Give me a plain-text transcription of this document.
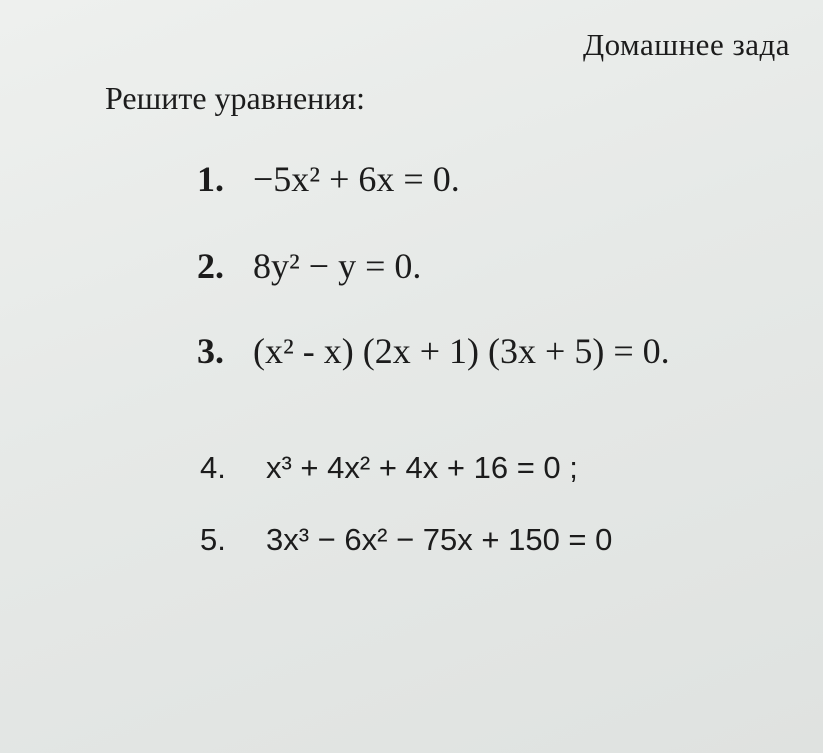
Домашнее зада
Решите уравнения:
1. −5x² + 6x = 0.
2. 8y² − y = 0.
3. (x² - x) (2x + 1) (3x + 5) = 0.
4.	x³ + 4x² + 4x + 16 = 0 ;
5.	3x³ − 6x² − 75x + 150 = 0
